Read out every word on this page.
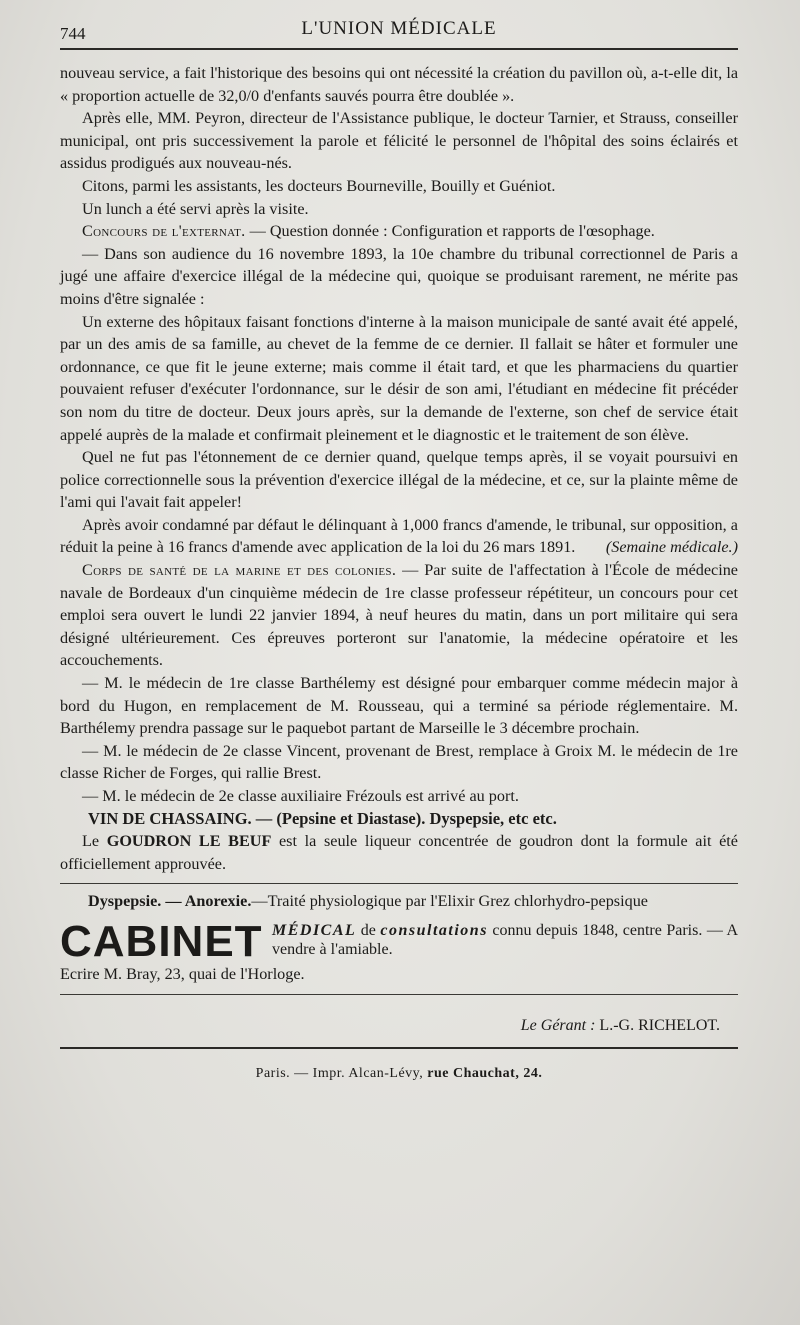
744	L'UNION MÉDICALE

nouveau service, a fait l'historique des besoins qui ont nécessité la création du pavillon où, a-t-elle dit, la « proportion actuelle de 32,0/0 d'enfants sauvés pourra être doublée ».

Après elle, MM. Peyron, directeur de l'Assistance publique, le docteur Tarnier, et Strauss, conseiller municipal, ont pris successivement la parole et félicité le personnel de l'hôpital des soins éclairés et assidus prodigués aux nouveau-nés.

Citons, parmi les assistants, les docteurs Bourneville, Bouilly et Guéniot.

Un lunch a été servi après la visite.

Concours de l'externat. — Question donnée : Configuration et rapports de l'œsophage.

— Dans son audience du 16 novembre 1893, la 10e chambre du tribunal correctionnel de Paris a jugé une affaire d'exercice illégal de la médecine qui, quoique se produisant rarement, ne mérite pas moins d'être signalée :

Un externe des hôpitaux faisant fonctions d'interne à la maison municipale de santé avait été appelé, par un des amis de sa famille, au chevet de la femme de ce dernier. Il fallait se hâter et formuler une ordonnance, ce que fit le jeune externe; mais comme il était tard, et que les pharmaciens du quartier pouvaient refuser d'exécuter l'ordonnance, sur le désir de son ami, l'étudiant en médecine fit précéder son nom du titre de docteur. Deux jours après, sur la demande de l'externe, son chef de service était appelé auprès de la malade et confirmait pleinement et le diagnostic et le traitement de son élève.

Quel ne fut pas l'étonnement de ce dernier quand, quelque temps après, il se voyait poursuivi en police correctionnelle sous la prévention d'exercice illégal de la médecine, et ce, sur la plainte même de l'ami qui l'avait fait appeler!

Après avoir condamné par défaut le délinquant à 1,000 francs d'amende, le tribunal, sur opposition, a réduit la peine à 16 francs d'amende avec application de la loi du 26 mars 1891.	(Semaine médicale.)

Corps de santé de la marine et des colonies. — Par suite de l'affectation à l'École de médecine navale de Bordeaux d'un cinquième médecin de 1re classe professeur répétiteur, un concours pour cet emploi sera ouvert le lundi 22 janvier 1894, à neuf heures du matin, dans un port militaire qui sera désigné ultérieurement. Ces épreuves porteront sur l'anatomie, la médecine opératoire et les accouchements.

— M. le médecin de 1re classe Barthélemy est désigné pour embarquer comme médecin major à bord du Hugon, en remplacement de M. Rousseau, qui a terminé sa période réglementaire. M. Barthélemy prendra passage sur le paquebot partant de Marseille le 3 décembre prochain.

— M. le médecin de 2e classe Vincent, provenant de Brest, remplace à Groix M. le médecin de 1re classe Richer de Forges, qui rallie Brest.

— M. le médecin de 2e classe auxiliaire Frézouls est arrivé au port.

VIN DE CHASSAING. — (Pepsine et Diastase). Dyspepsie, etc etc.

Le GOUDRON LE BEUF est la seule liqueur concentrée de goudron dont la formule ait été officiellement approuvée.

Dyspepsie. — Anorexie.—Traité physiologique par l'Elixir Grez chlorhydro-pepsique

CABINET MÉDICAL de consultations connu depuis 1848, centre Paris. — A vendre à l'amiable.

Ecrire M. Bray, 23, quai de l'Horloge.

Le Gérant : L.-G. RICHELOT.
Paris. — Impr. Alcan-Lévy, rue Chauchat, 24.
